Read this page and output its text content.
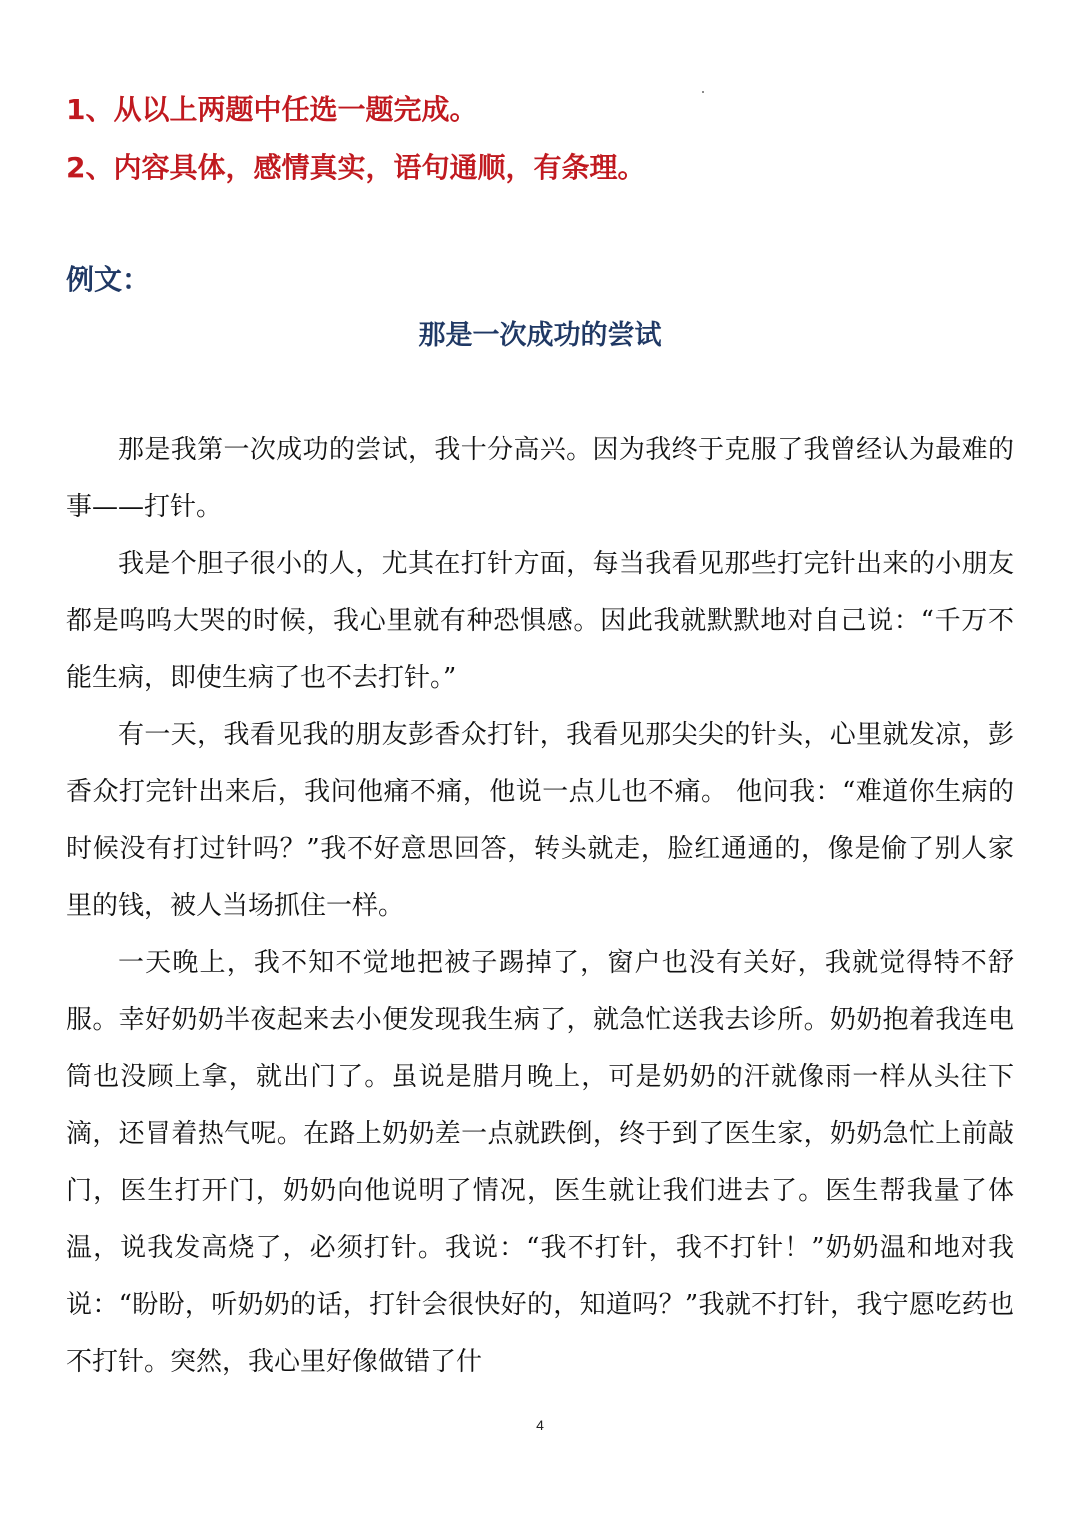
1、从以上两题中任选一题完成。
2、内容具体，感情真实，语句通顺，有条理。
例文：
那是一次成功的尝试

那是我第一次成功的尝试，我十分高兴。因为我终于克服了我曾经认为最难的事——打针。

我是个胆子很小的人，尤其在打针方面，每当我看见那些打完针出来的小朋友都是呜呜大哭的时候，我心里就有种恐惧感。因此我就默默地对自己说：“千万不能生病，即使生病了也不去打针。”

有一天，我看见我的朋友彭香众打针，我看见那尖尖的针头，心里就发凉，彭香众打完针出来后，我问他痛不痛，他说一点儿也不痛。 他问我：“难道你生病的时候没有打过针吗？”我不好意思回答，转头就走，脸红通通的，像是偷了别人家里的钱，被人当场抓住一样。

一天晚上，我不知不觉地把被子踢掉了，窗户也没有关好，我就觉得特不舒服。幸好奶奶半夜起来去小便发现我生病了，就急忙送我去诊所。奶奶抱着我连电筒也没顾上拿，就出门了。虽说是腊月晚上，可是奶奶的汗就像雨一样从头往下滴，还冒着热气呢。在路上奶奶差一点就跌倒，终于到了医生家，奶奶急忙上前敲门，医生打开门，奶奶向他说明了情况，医生就让我们进去了。医生帮我量了体温，说我发高烧了，必须打针。我说：“我不打针，我不打针！”奶奶温和地对我说：“盼盼，听奶奶的话，打针会很快好的，知道吗？”我就不打针，我宁愿吃药也不打针。突然，我心里好像做错了什

4
